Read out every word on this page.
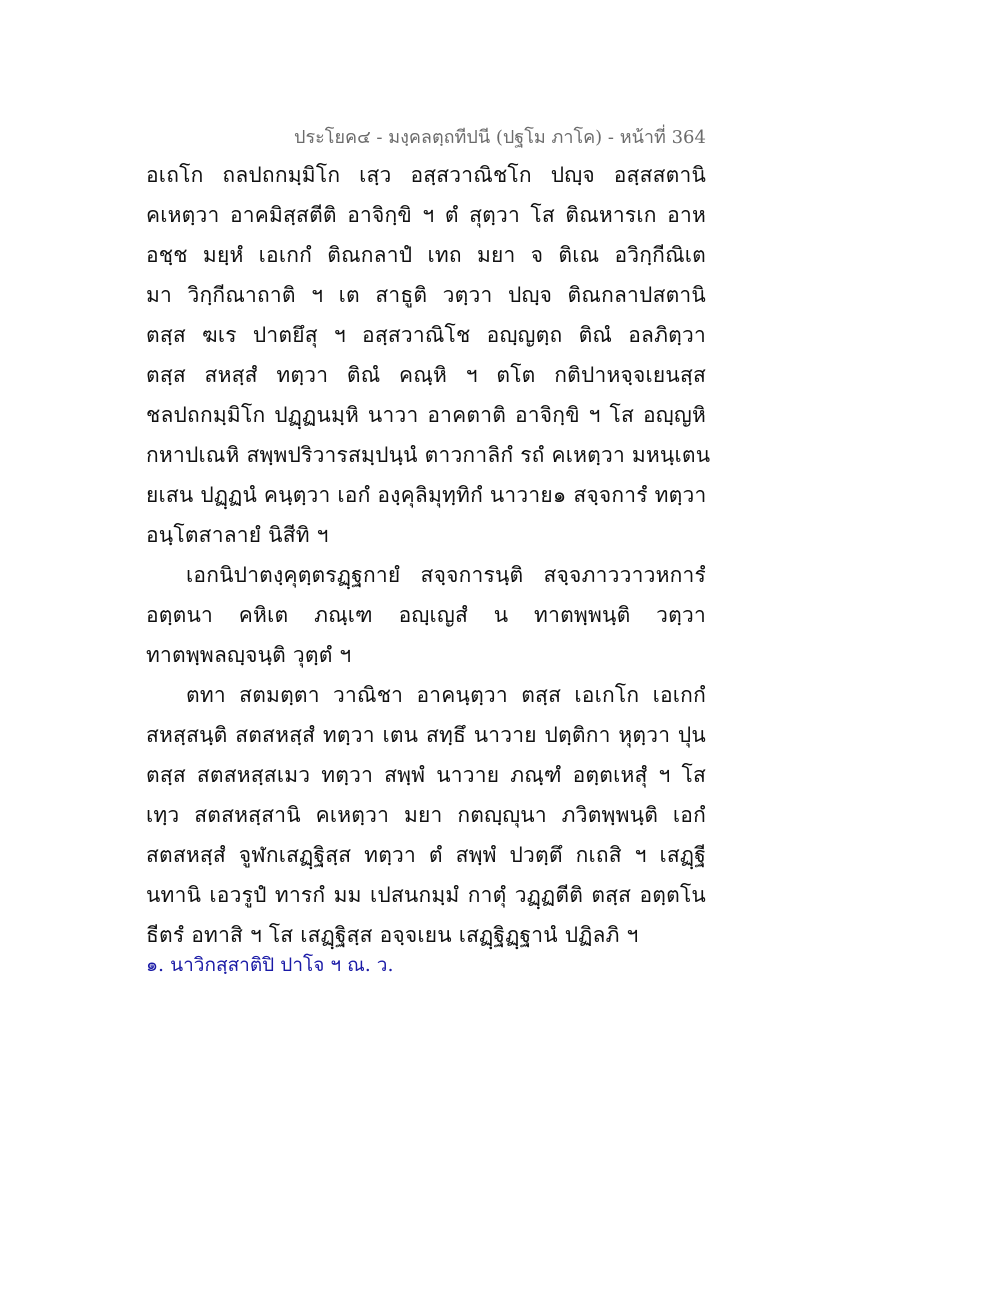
ประโยค๔ - มงฺคลตฺถทีปนี (ปฐโม ภาโค) - หน้าที่ 364
อเถโก ถลปถกมฺมิโก เสฺว อสฺสวาณิชโก ปญฺจ อสฺสสตานิ
คเหตฺวา อาคมิสฺสตีติ อาจิกฺขิ ฯ ตํ สุตฺวา โส ติณหารเก อาห
อชฺช มยฺหํ เอเกกํ ติณกลาปํ เทถ มยา จ ติเณ อวิกฺกีณิเต
มา วิกฺกีณาถาติ ฯ เต สาธูติ วตฺวา ปญฺจ ติณกลาปสตานิ
ตสฺส ฆเร ปาตยึสุ ฯ อสฺสวาณิโช อญฺญตฺถ ติณํ อลภิตฺวา
ตสฺส สหสฺสํ ทตฺวา ติณํ คณฺหิ ฯ ตโต กติปาหจฺจเยนสฺส
ชลปถกมฺมิโก ปฏฺฏนมฺหิ นาวา อาคตาติ อาจิกฺขิ ฯ โส อญฺญหิ
กหาปเณหิ สพฺพปริวารสมฺปนฺนํ ตาวกาลิกํ รถํ คเหตฺวา มหนฺเตน
ยเสน ปฏฺฏนํ คนฺตฺวา เอกํ องฺคุลิมุทฺทิกํ นาวาย๑ สจฺจการํ ทตฺวา
อนฺโตสาลายํ นิสีทิ ฯ
เอกนิปาตงฺคุตฺตรฏฺฐกายํ สจฺจการนฺติ สจฺจภาววาวหการํ
อตฺตนา คหิเต ภณฺเฑ อญฺเญสํ น ทาตพฺพนฺติ วตฺวา
ทาตพฺพลญฺจนฺติ วุตฺตํ ฯ
ตทา สตมตฺตา วาณิชา อาคนฺตฺวา ตสฺส เอเกโก เอเกกํ
สหสฺสนฺติ สตสหสฺสํ ทตฺวา เตน สทฺธึ นาวาย ปตฺติกา หุตฺวา ปุน
ตสฺส สตสหสฺสเมว ทตฺวา สพฺพํ นาวาย ภณฺฑํ อตฺตเหสุํ ฯ โส
เทฺว สตสหสฺสานิ คเหตฺวา มยา กตญฺญุนา ภวิตพฺพนฺติ เอกํ
สตสหสฺสํ จูฬกเสฏฺฐิสฺส ทตฺวา ตํ สพฺพํ ปวตฺตึ กเถสิ ฯ เสฏฺฐี
นทานิ เอวรูปํ ทารกํ มม เปสนกมฺมํ กาตุํ วฏฺฏตีติ ตสฺส อตฺตโน
ธีตรํ อทาสิ ฯ โส เสฏฺฐิสฺส อจฺจเยน เสฏฺฐิฏฺฐานํ ปฏิลภิ ฯ
๑. นาวิกสฺสาติปิ ปาโจ ฯ ณ. ว.
